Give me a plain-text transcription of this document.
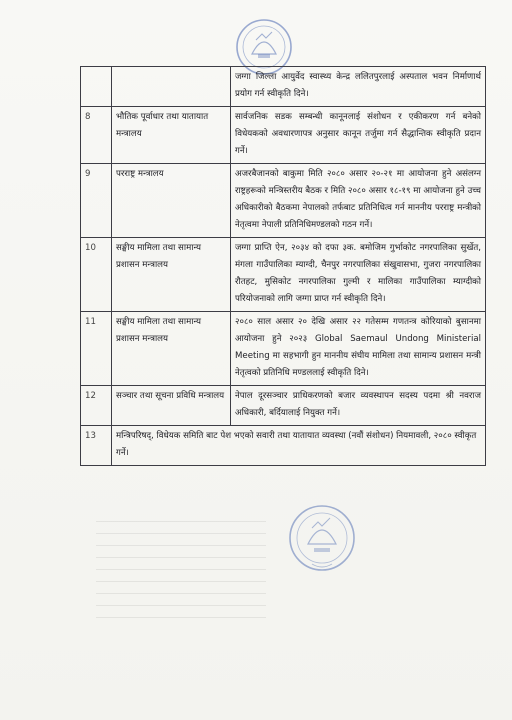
		जग्गा जिल्ला आयुर्वेद स्वास्थ्य केन्द्र ललितपुरलाई अस्पताल भवन निर्माणार्थ प्रयोग गर्न स्वीकृति दिने।
8	भौतिक पूर्वाधार तथा यातायात मन्त्रालय	सार्वजनिक सडक सम्बन्धी कानूनलाई संशोधन र एकीकरण गर्न बनेको विधेयकको अवधारणापत्र अनुसार कानून तर्जुमा गर्न सैद्धान्तिक स्वीकृति प्रदान गर्ने।
9	परराष्ट्र मन्त्रालय	अजरबैजानको बाकुमा मिति २०८० असार २०-२१ मा आयोजना हुने असंलग्न राष्ट्रहरूको मन्त्रिस्तरीय बैठक र मिति २०८० असार १८-१९ मा आयोजना हुने उच्च अधिकारीको बैठकमा नेपालको तर्फबाट प्रतिनिधित्व गर्न माननीय परराष्ट्र मन्त्रीको नेतृत्वमा नेपाली प्रतिनिधिमण्डलको गठन गर्ने।
10	सङ्घीय मामिला तथा सामान्य प्रशासन मन्त्रालय	जग्गा प्राप्ति ऐन, २०३४ को दफा ३क. बमोजिम गुर्भाकोट नगरपालिका सुर्खेत, मंगला गाउँपालिका म्याग्दी, चैनपुर नगरपालिका संखुवासभा, गुजरा नगरपालिका रौतहट, मुसिकोट नगरपालिका गुल्मी र मालिका गाउँपालिका म्याग्दीको परियोजनाको लागि जग्गा प्राप्त गर्न स्वीकृति दिने।
11	सङ्घीय मामिला तथा सामान्य प्रशासन मन्त्रालय	२०८० साल असार २० देखि असार २२ गतेसम्म गणतन्त्र कोरियाको बुसानमा आयोजना हुने २०२३ Global Saemaul Undong Ministerial Meeting मा सहभागी हुन माननीय संघीय मामिला तथा सामान्य प्रशासन मन्त्री नेतृत्वको प्रतिनिधि मण्डललाई स्वीकृति दिने।
12	सञ्चार तथा सूचना प्रविधि मन्त्रालय	नेपाल दूरसञ्चार प्राधिकरणको बजार व्यवस्थापन सदस्य पदमा श्री नवराज अधिकारी, बर्दियालाई नियुक्त गर्ने।
13	मन्त्रिपरिषद्, विधेयक समिति बाट पेश भएको सवारी तथा यातायात व्यवस्था (नवौं संशोधन) नियमावली, २०८० स्वीकृत गर्ने।	
